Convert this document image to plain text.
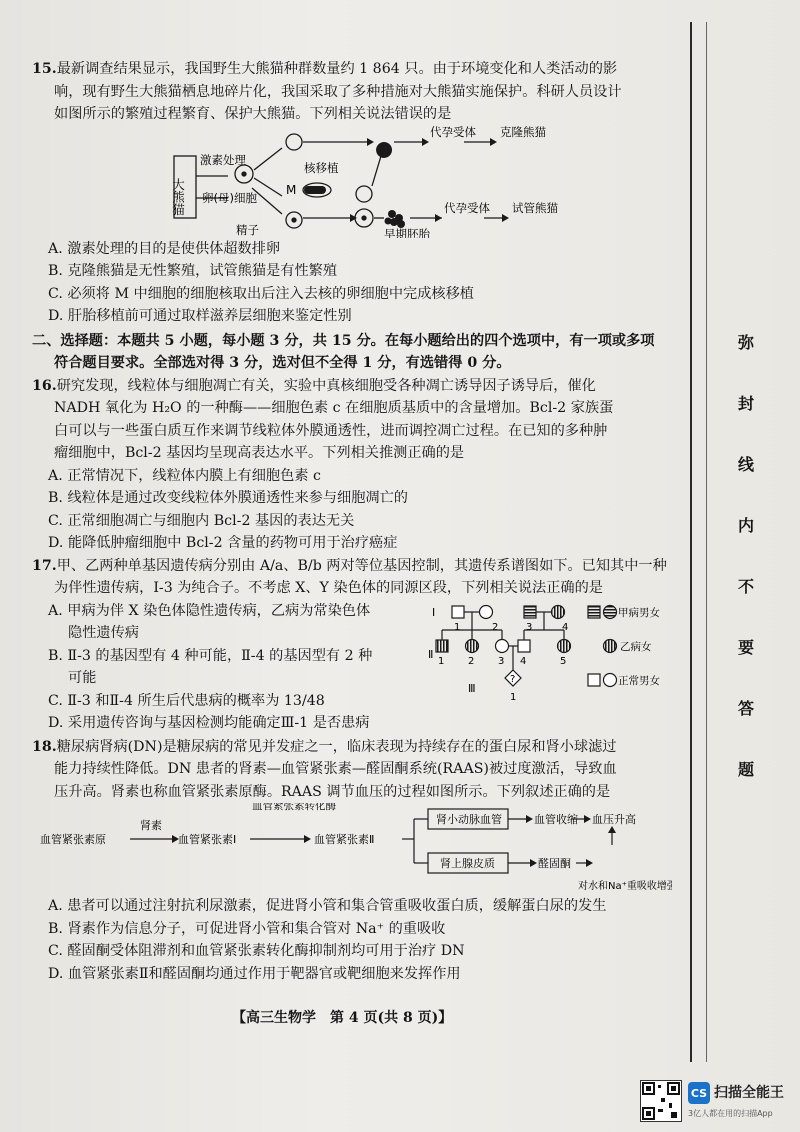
15. 最新调查结果显示，我国野生大熊猫种群数量约 1 864 只。由于环境变化和人类活动的影
响，现有野生大熊猫栖息地碎片化，我国采取了多种措施对大熊猫实施保护。科研人员设计
如图所示的繁殖过程繁育、保护大熊猫。下列相关说法错误的是
大熊猫
激素处理
卵(母)细胞
精子
核移植
M
代孕受体 克隆熊猫
早期胚胎
代孕受体 试管熊猫
A. 激素处理的目的是使供体超数排卵
B. 克隆熊猫是无性繁殖，试管熊猫是有性繁殖
C. 必须将 M 中细胞的细胞核取出后注入去核的卵细胞中完成核移植
D. 肝胎移植前可通过取样滋养层细胞来鉴定性别
二、选择题：本题共 5 小题，每小题 3 分，共 15 分。在每小题给出的四个选项中，有一项或多项
符合题目要求。全部选对得 3 分，选对但不全得 1 分，有选错得 0 分。
16. 研究发现，线粒体与细胞凋亡有关，实验中真核细胞受各种凋亡诱导因子诱导后，催化
NADH 氧化为 H₂O 的一种酶——细胞色素 c 在细胞质基质中的含量增加。Bcl-2 家族蛋
白可以与一些蛋白质互作来调节线粒体外膜通透性，进而调控凋亡过程。在已知的多种肿
瘤细胞中，Bcl-2 基因均呈现高表达水平。下列相关推测正确的是
A. 正常情况下，线粒体内膜上有细胞色素 c
B. 线粒体是通过改变线粒体外膜通透性来参与细胞凋亡的
C. 正常细胞凋亡与细胞内 Bcl-2 基因的表达无关
D. 能降低肿瘤细胞中 Bcl-2 含量的药物可用于治疗癌症
17. 甲、乙两种单基因遗传病分别由 A/a、B/b 两对等位基因控制，其遗传系谱图如下。已知其中一种
为伴性遗传病，I-3 为纯合子。不考虑 X、Y 染色体的同源区段，下列相关说法正确的是
A. 甲病为伴 X 染色体隐性遗传病，乙病为常染色体
隐性遗传病
B. Ⅱ-3 的基因型有 4 种可能，Ⅱ-4 的基因型有 2 种
可能
C. Ⅱ-3 和Ⅱ-4 所生后代患病的概率为 13/48
D. 采用遗传咨询与基因检测均能确定Ⅲ-1 是否患病
I
Ⅱ
Ⅲ
1	2	3	4
1 2 3 4	5
?
1
甲病男女
乙病女
正常男女
18. 糖尿病肾病(DN)是糖尿病的常见并发症之一，临床表现为持续存在的蛋白尿和肾小球滤过
能力持续性降低。DN 患者的肾素—血管紧张素—醛固酮系统(RAAS)被过度激活，导致血
压升高。肾素也称血管紧张素原酶。RAAS 调节血压的过程如图所示。下列叙述正确的是
肾素
血管紧张素转化酶
血管紧张素原	血管紧张素Ⅰ	血管紧张素Ⅱ
肾小动脉血管	血管收缩 血压升高
肾上腺皮质	醛固酮
对水和Na⁺重吸收增强
A. 患者可以通过注射抗利尿激素，促进肾小管和集合管重吸收蛋白质，缓解蛋白尿的发生
B. 肾素作为信息分子，可促进肾小管和集合管对 Na⁺ 的重吸收
C. 醛固酮受体阻滞剂和血管紧张素转化酶抑制剂均可用于治疗 DN
D. 血管紧张素Ⅱ和醛固酮均通过作用于靶器官或靶细胞来发挥作用
弥
封
线
内
不
要
答
题
【高三生物学　第 4 页(共 8 页)】
CS 扫描全能王
3亿人都在用的扫描App
